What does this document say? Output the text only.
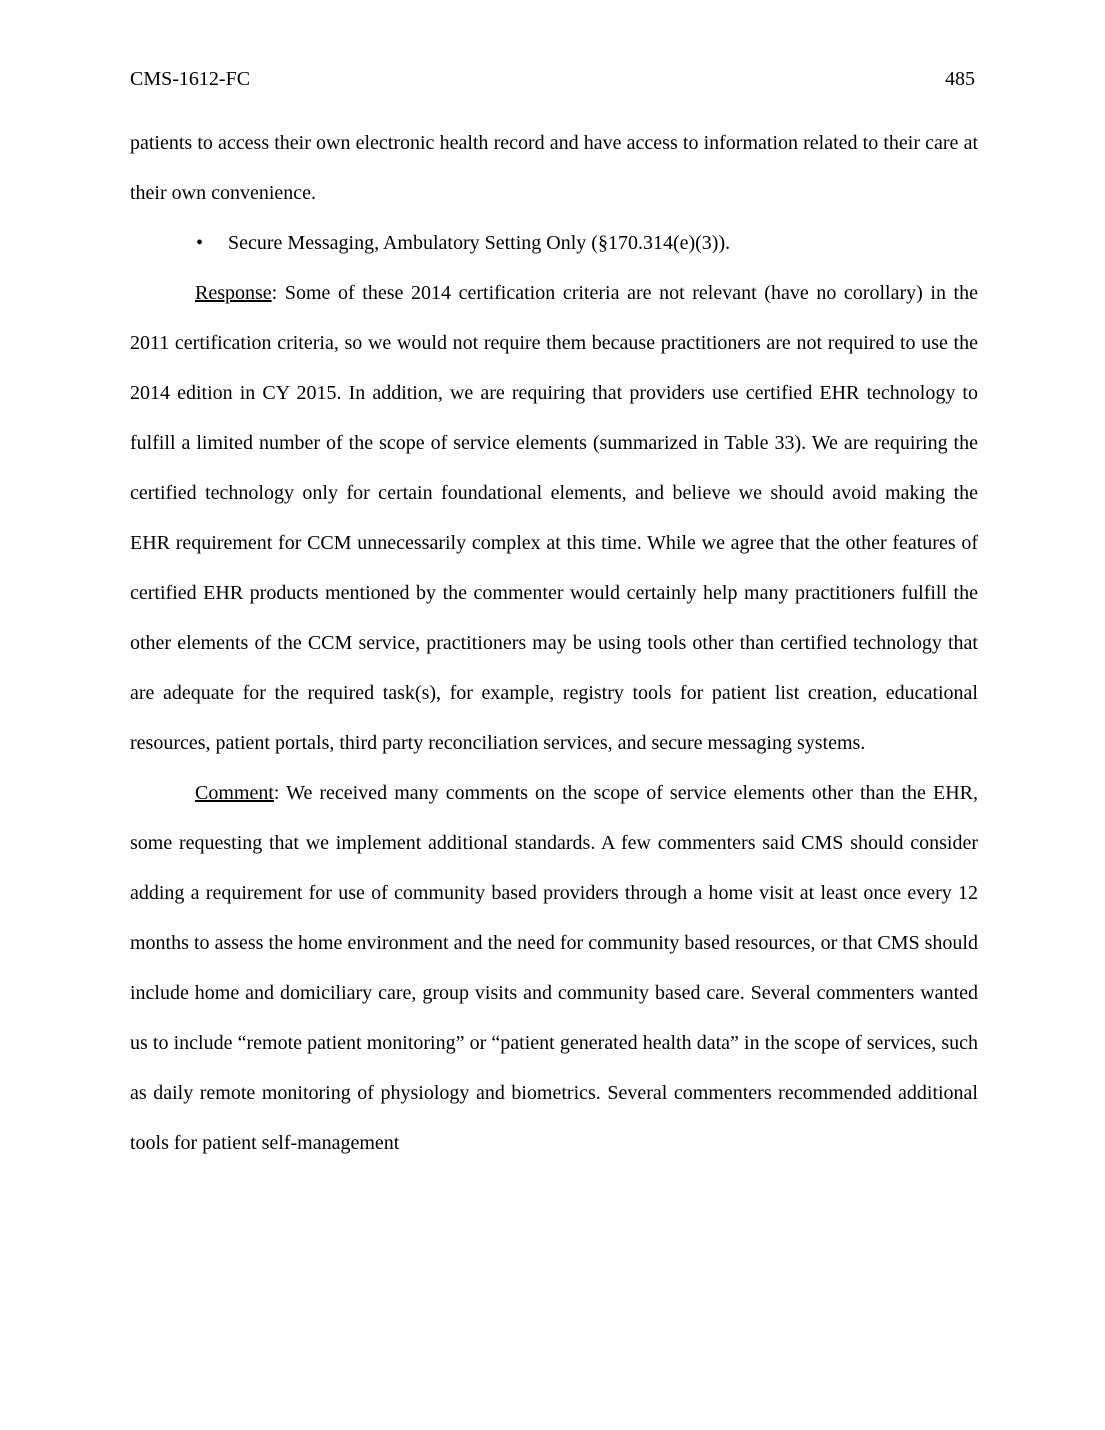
CMS-1612-FC	485

patients to access their own electronic health record and have access to information related to their care at their own convenience.

• Secure Messaging, Ambulatory Setting Only (§170.314(e)(3)).

Response: Some of these 2014 certification criteria are not relevant (have no corollary) in the 2011 certification criteria, so we would not require them because practitioners are not required to use the 2014 edition in CY 2015. In addition, we are requiring that providers use certified EHR technology to fulfill a limited number of the scope of service elements (summarized in Table 33). We are requiring the certified technology only for certain foundational elements, and believe we should avoid making the EHR requirement for CCM unnecessarily complex at this time. While we agree that the other features of certified EHR products mentioned by the commenter would certainly help many practitioners fulfill the other elements of the CCM service, practitioners may be using tools other than certified technology that are adequate for the required task(s), for example, registry tools for patient list creation, educational resources, patient portals, third party reconciliation services, and secure messaging systems.

Comment: We received many comments on the scope of service elements other than the EHR, some requesting that we implement additional standards. A few commenters said CMS should consider adding a requirement for use of community based providers through a home visit at least once every 12 months to assess the home environment and the need for community based resources, or that CMS should include home and domiciliary care, group visits and community based care. Several commenters wanted us to include “remote patient monitoring” or “patient generated health data” in the scope of services, such as daily remote monitoring of physiology and biometrics. Several commenters recommended additional tools for patient self-management
